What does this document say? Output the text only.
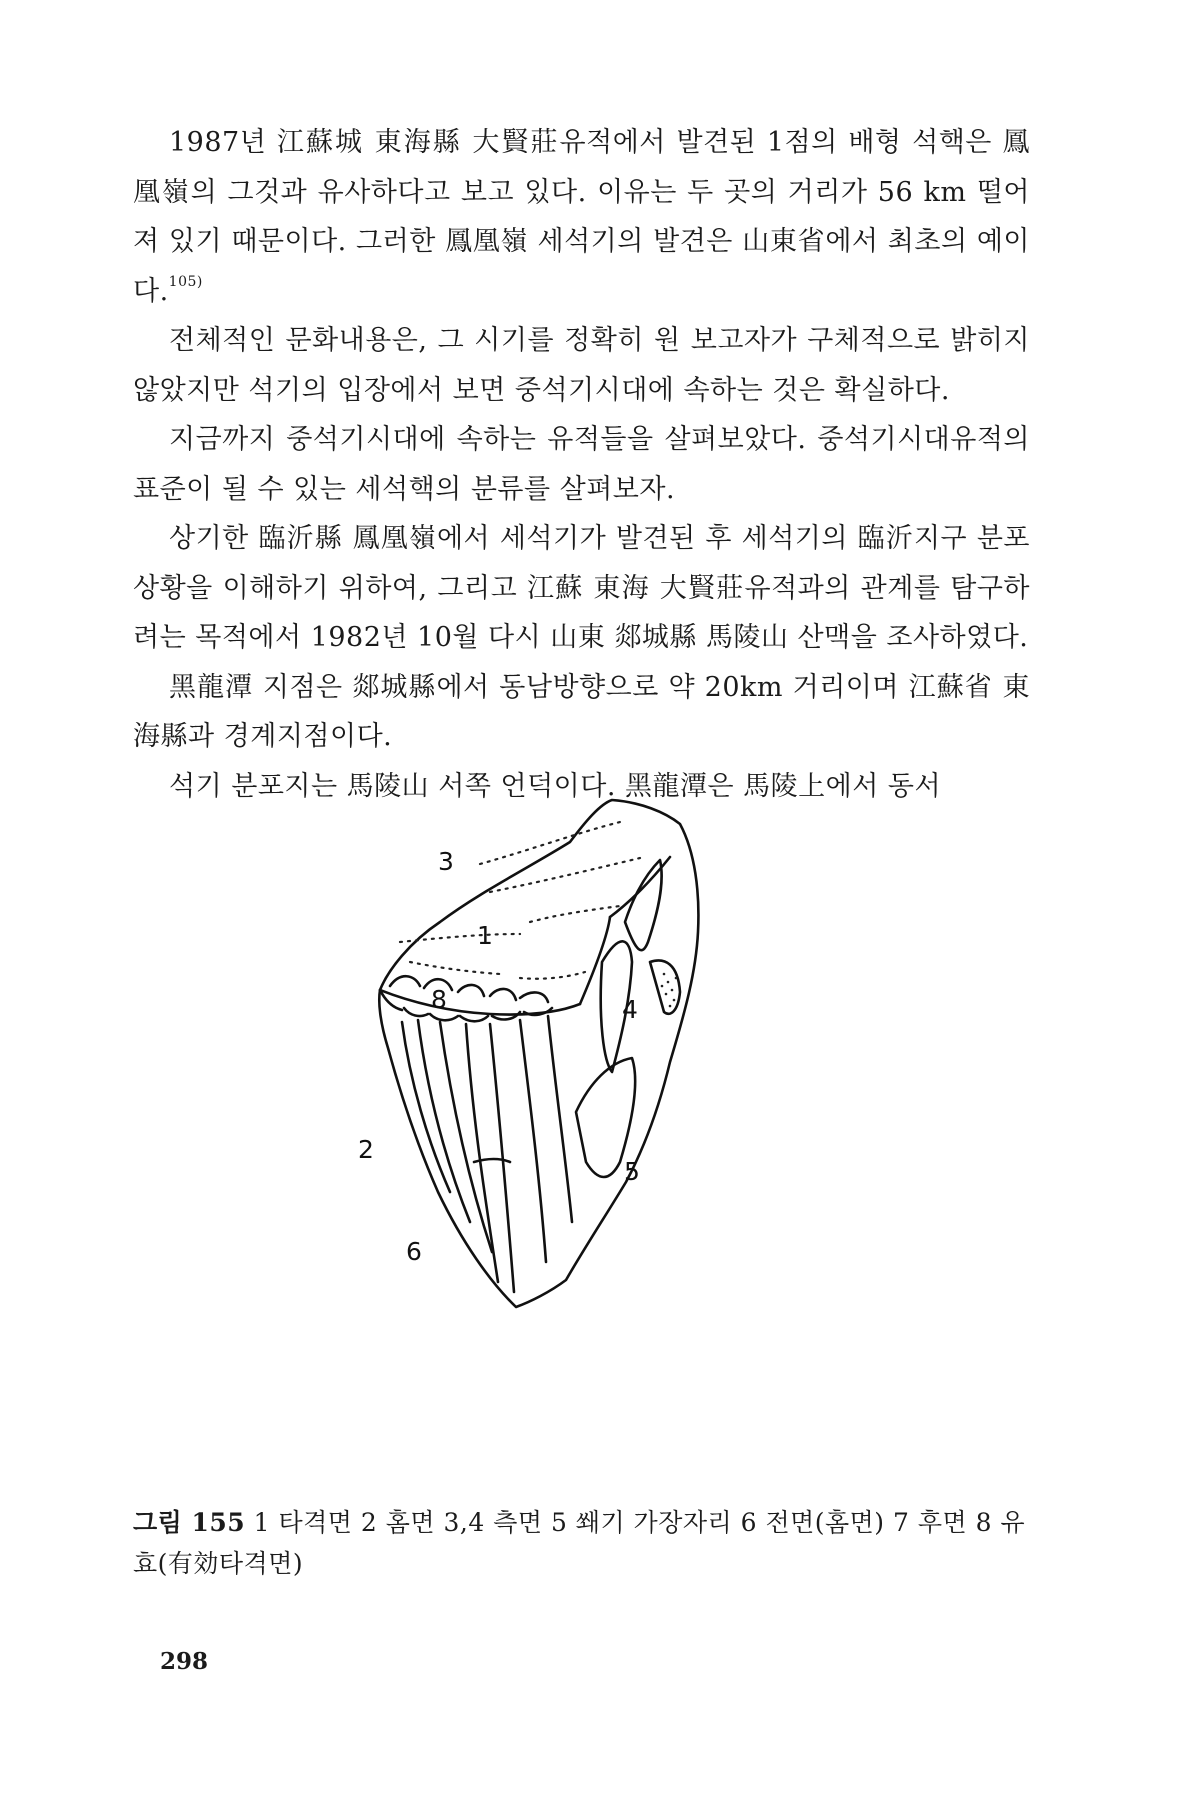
1987년 江蘇城 東海縣 大賢莊유적에서 발견된 1점의 배형 석핵은 鳳凰嶺의 그것과 유사하다고 보고 있다. 이유는 두 곳의 거리가 56 km 떨어져 있기 때문이다. 그러한 鳳凰嶺 세석기의 발견은 山東省에서 최초의 예이다.$^{105)}$

전체적인 문화내용은, 그 시기를 정확히 원 보고자가 구체적으로 밝히지 않았지만 석기의 입장에서 보면 중석기시대에 속하는 것은 확실하다.

지금까지 중석기시대에 속하는 유적들을 살펴보았다. 중석기시대유적의 표준이 될 수 있는 세석핵의 분류를 살펴보자.

상기한 臨沂縣 鳳凰嶺에서 세석기가 발견된 후 세석기의 臨沂지구 분포상황을 이해하기 위하여, 그리고 江蘇 東海 大賢莊유적과의 관계를 탐구하려는 목적에서 1982년 10월 다시 山東 郯城縣 馬陵山 산맥을 조사하였다.

黑龍潭 지점은 郯城縣에서 동남방향으로 약 20km 거리이며 江蘇省 東海縣과 경계지점이다.

석기 분포지는 馬陵山 서쪽 언덕이다. 黑龍潭은 馬陵上에서 동서

3
1
8	4
2
5
6

그림 155 1 타격면 2 홈면 3,4 측면 5 쐐기 가장자리 6 전면(홈면) 7 후면 8 유효(有効타격면)

298
